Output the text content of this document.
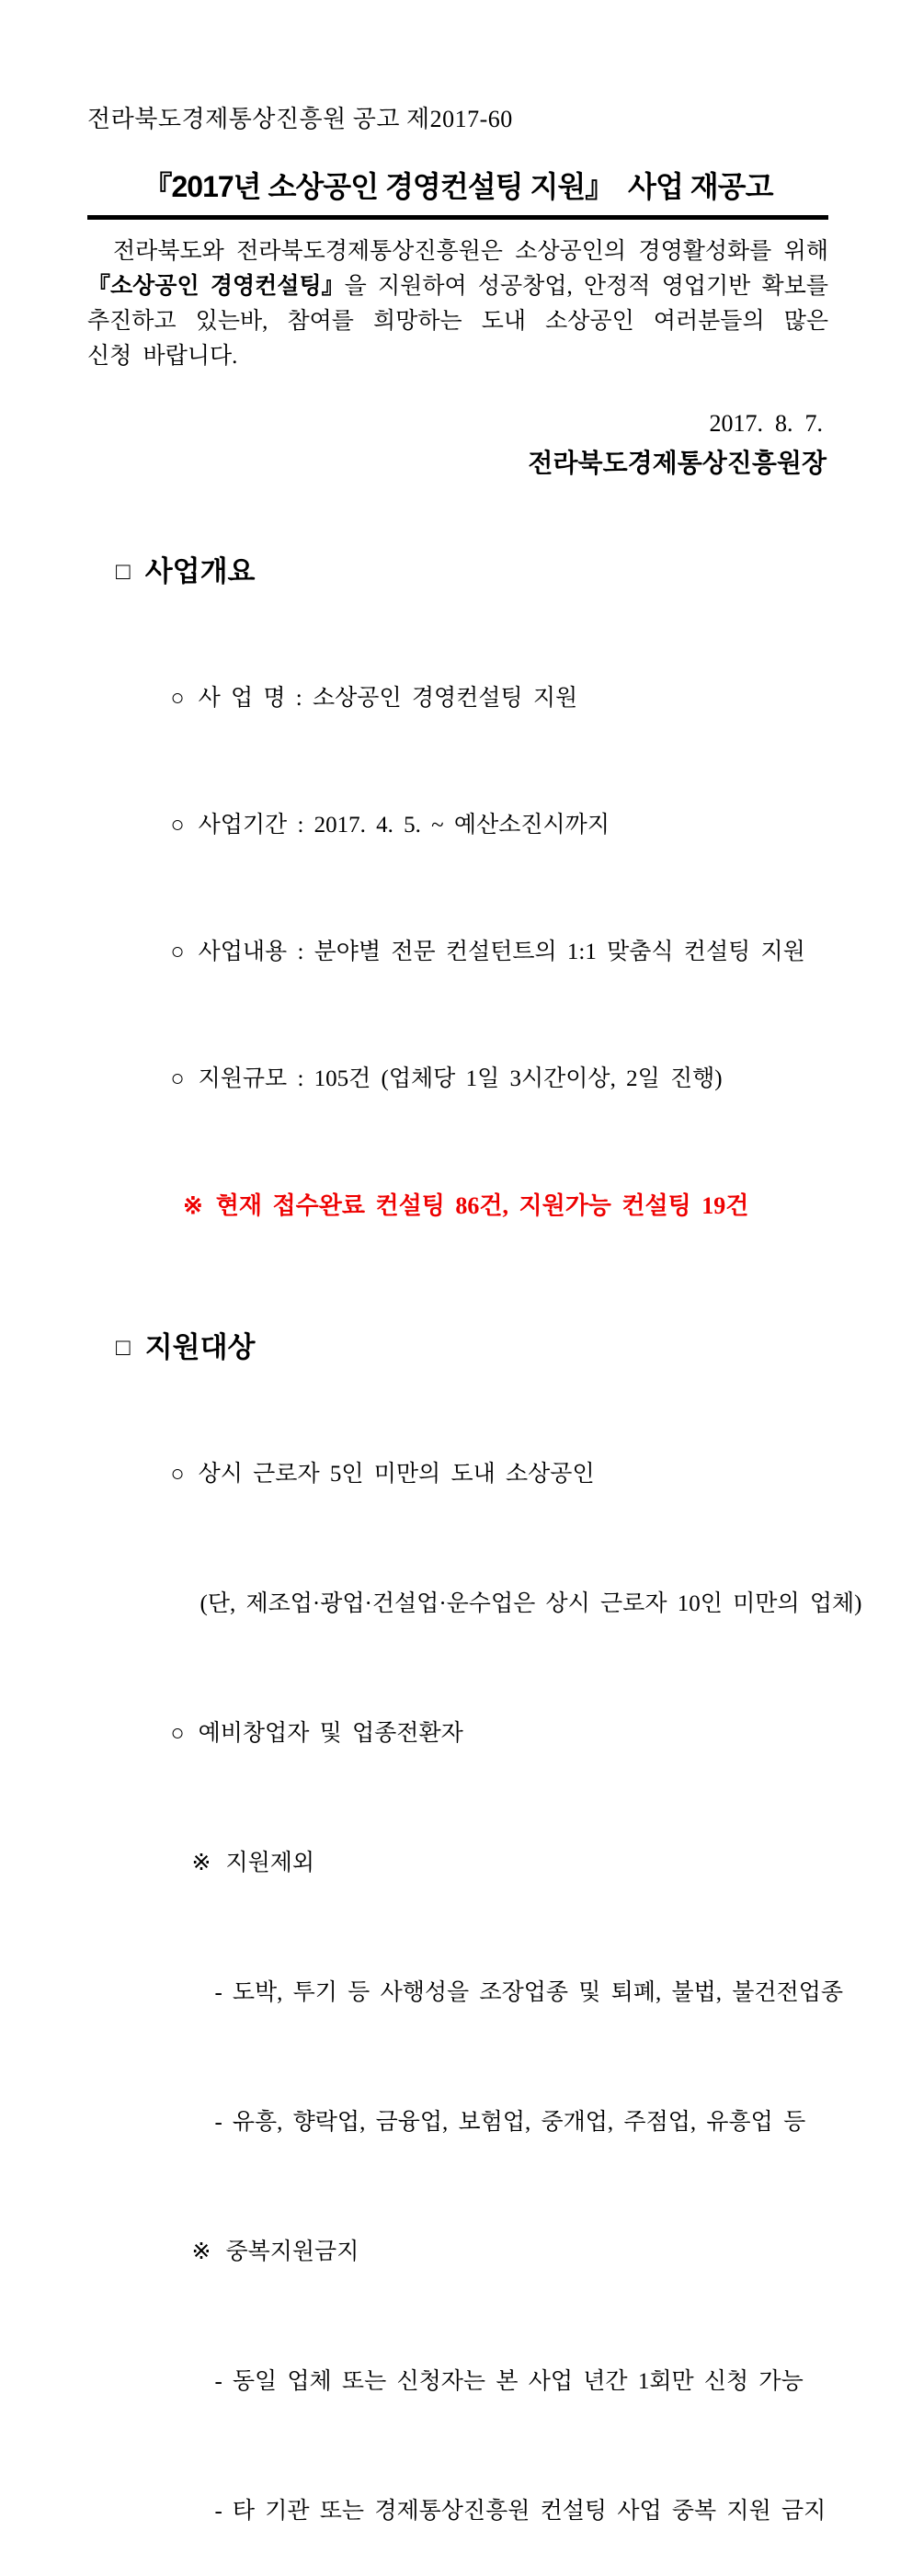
전라북도경제통상진흥원 공고 제2017-60
『2017년 소상공인 경영컨설팅 지원』  사업 재공고
전라북도와 전라북도경제통상진흥원은 소상공인의 경영활성화를 위해
『소상공인 경영컨설팅』을 지원하여 성공창업, 안정적 영업기반 확보를
추진하고 있는바, 참여를 희망하는 도내 소상공인 여러분들의 많은
신청 바랍니다.
2017.  8.  7.
전라북도경제통상진흥원장

□ 사업개요

○ 사 업 명 : 소상공인 경영컨설팅 지원

○ 사업기간 : 2017. 4. 5. ~ 예산소진시까지

○ 사업내용 : 분야별 전문 컨설턴트의 1:1 맞춤식 컨설팅 지원

○ 지원규모 : 105건 (업체당 1일 3시간이상, 2일 진행)

※ 현재 접수완료 컨설팅 86건, 지원가능 컨설팅 19건

□ 지원대상

○ 상시 근로자 5인 미만의 도내 소상공인

(단, 제조업·광업·건설업·운수업은 상시 근로자 10인 미만의 업체)

○ 예비창업자 및 업종전환자

※ 지원제외

- 도박, 투기 등 사행성을 조장업종 및 퇴폐, 불법, 불건전업종

- 유흥, 향락업, 금융업, 보험업, 중개업, 주점업, 유흥업 등

※ 중복지원금지

- 동일 업체 또는 신청자는 본 사업 년간 1회만 신청 가능

- 타 기관 또는 경제통상진흥원 컨설팅 사업 중복 지원 금지
